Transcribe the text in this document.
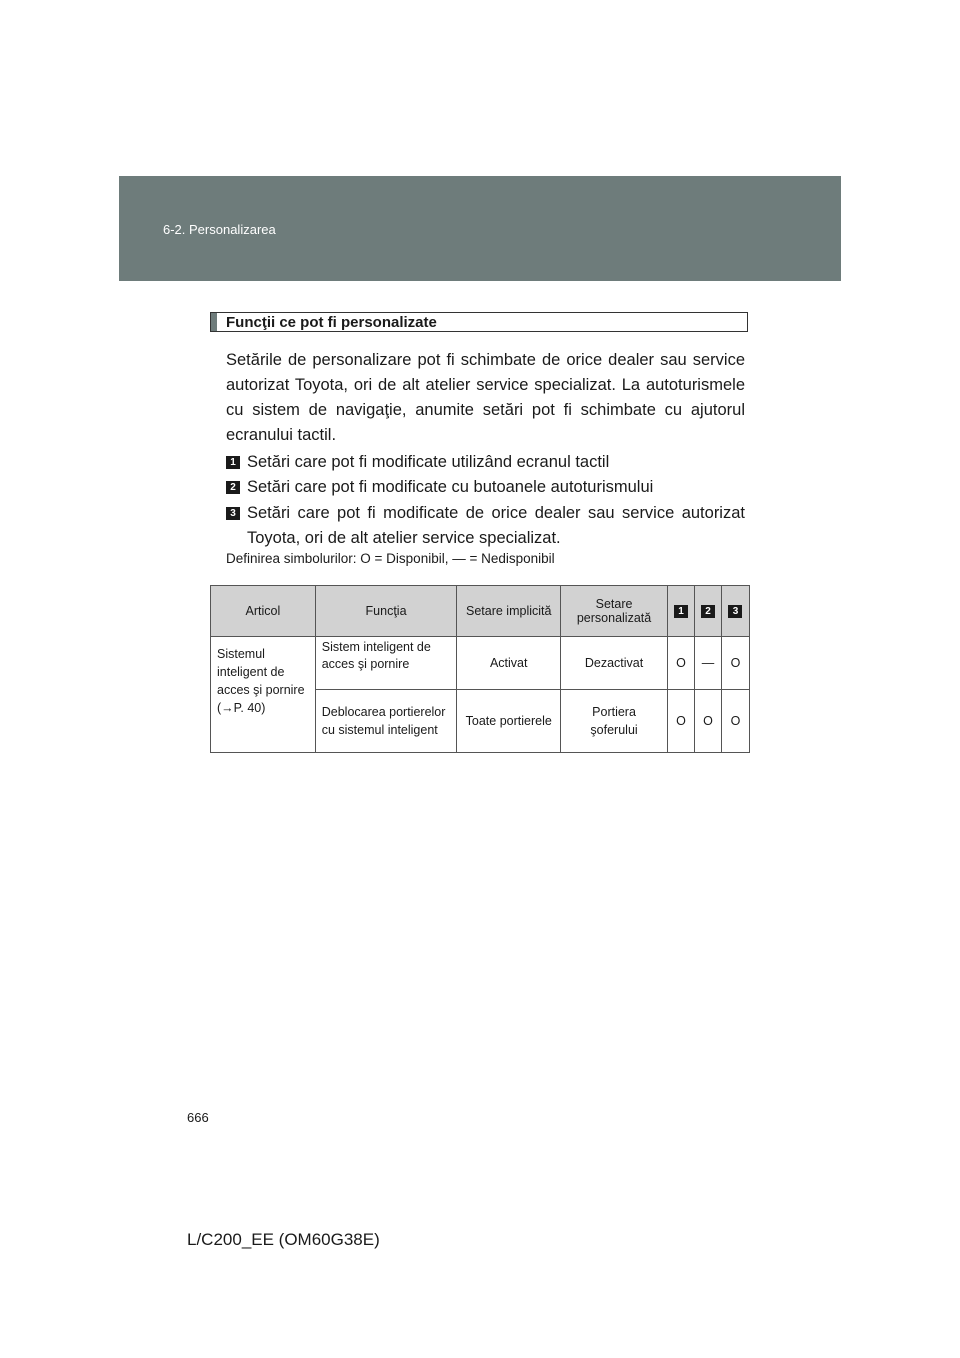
6-2. Personalizarea
Funcţii ce pot fi personalizate
Setările de personalizare pot fi schimbate de orice dealer sau service autorizat Toyota, ori de alt atelier service specializat. La autoturismele cu sistem de navigaţie, anumite setări pot fi schimbate cu ajutorul ecranului tactil.
1 Setări care pot fi modificate utilizând ecranul tactil
2 Setări care pot fi modificate cu butoanele autoturismului
3 Setări care pot fi modificate de orice dealer sau service autorizat Toyota, ori de alt atelier service specializat.
Definirea simbolurilor: O = Disponibil, — = Nedisponibil
Articol	Funcţia	Setare implicită	Setare personalizată	1	2	3
Sistemul inteligent de acces şi pornire (→P. 40)	Sistem inteligent de acces şi pornire	Activat	Dezactivat	O	—	O
	Deblocarea portierelor cu sistemul inteligent	Toate portierele	Portiera şoferului	O	O	O
666
L/C200_EE (OM60G38E)
